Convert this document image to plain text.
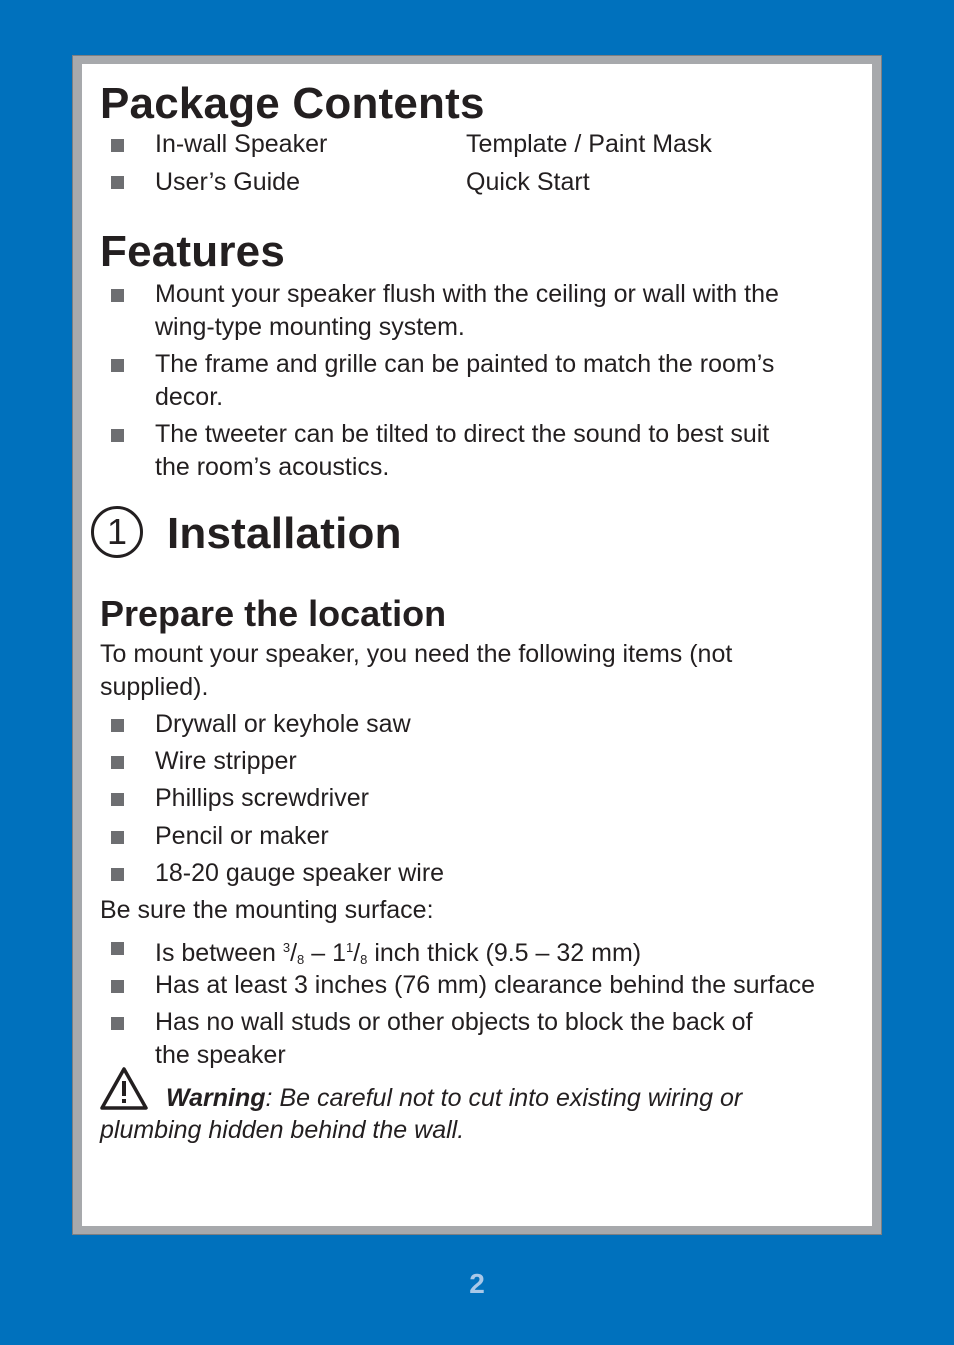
Package Contents
In-wall Speaker	Template / Paint Mask
User’s Guide	Quick Start
Features
Mount your speaker flush with the ceiling or wall with the
wing-type mounting system.
The frame and grille can be painted to match the room’s
decor.
The tweeter can be tilted to direct the sound to best suit
the room’s acoustics.
1 Installation
Prepare the location
To mount your speaker, you need the following items (not
supplied).
Drywall or keyhole saw
Wire stripper
Phillips screwdriver
Pencil or maker
18-20 gauge speaker wire
Be sure the mounting surface:
Is between $^3/_8 - 1^1/_8$ inch thick (9.5 – 32 mm)
Has at least 3 inches (76 mm) clearance behind the surface
Has no wall studs or other objects to block the back of
the speaker
Warning: Be careful not to cut into existing wiring or
plumbing hidden behind the wall.
2
